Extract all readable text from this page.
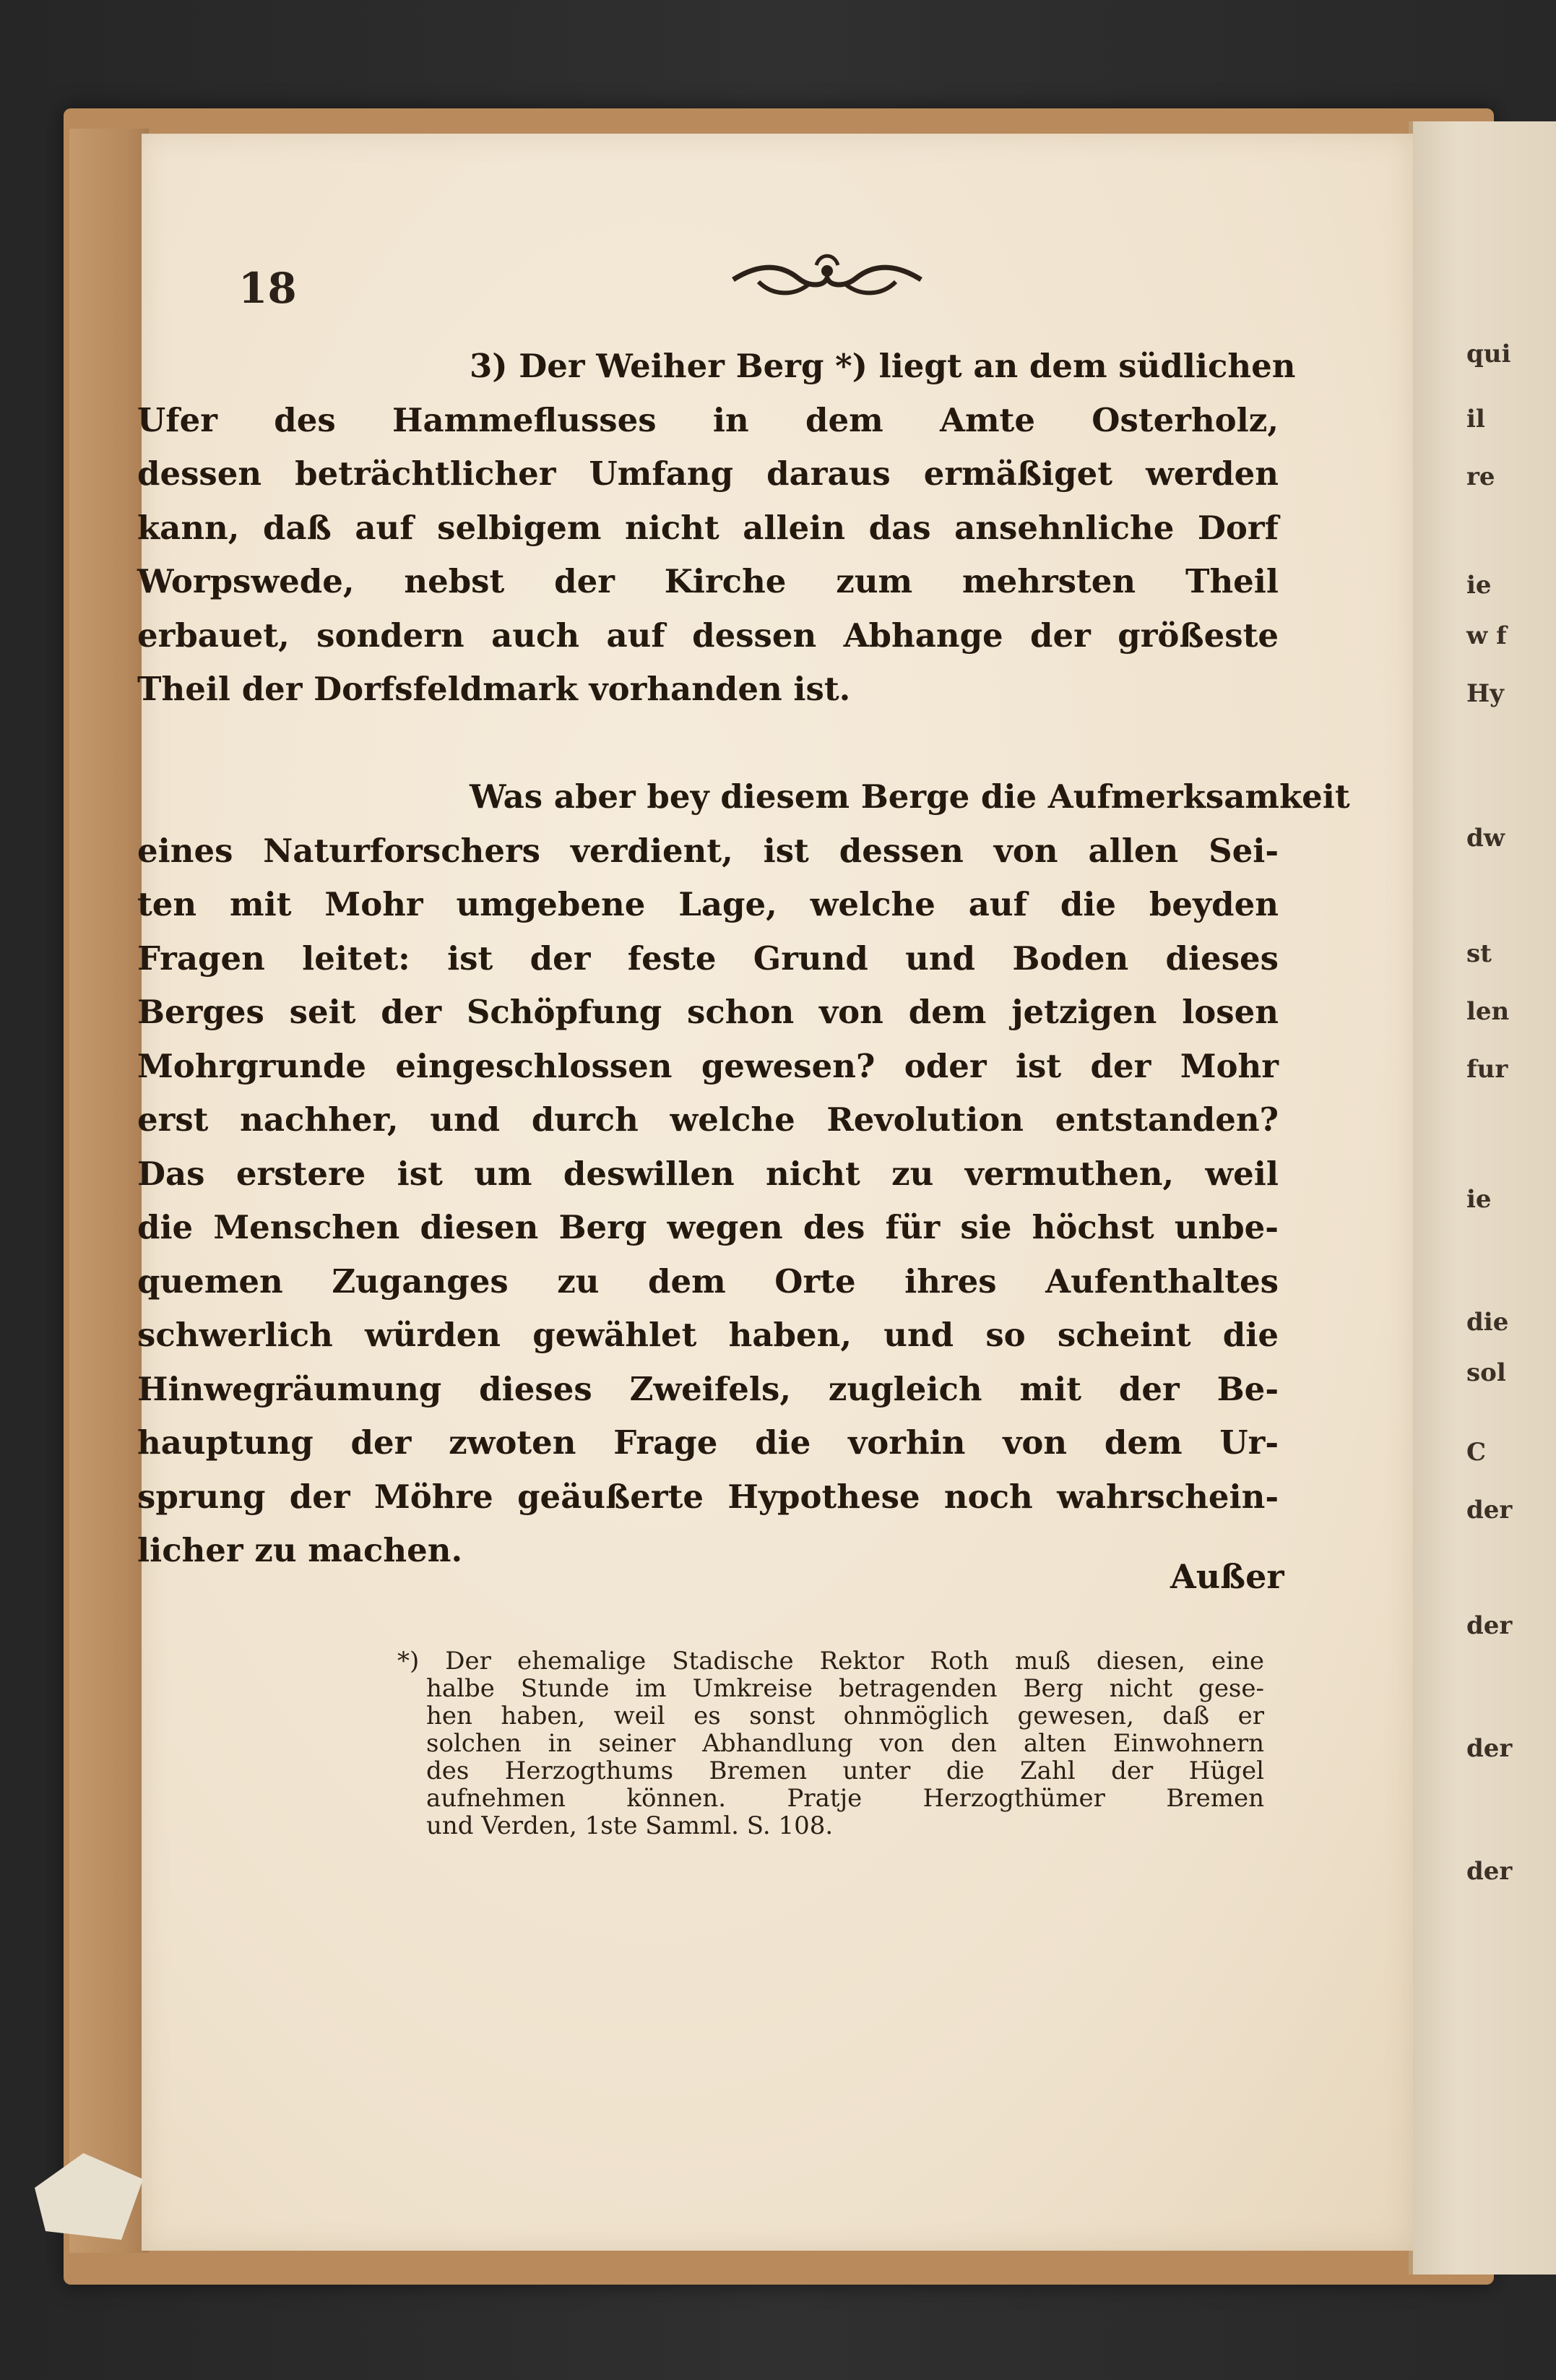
qui
il
re
ie
w f
Hy
dw
st
len
fur
ie
die
sol
C
der
der
der
der
18
3) Der Weiher Berg *) liegt an dem südlichen
Ufer des Hammeflusses in dem Amte Osterholz,
dessen beträchtlicher Umfang daraus ermäßiget werden
kann, daß auf selbigem nicht allein das ansehnliche Dorf
Worpswede, nebst der Kirche zum mehrsten Theil
erbauet, sondern auch auf dessen Abhange der größeste
Theil der Dorfsfeldmark vorhanden ist.
Was aber bey diesem Berge die Aufmerksamkeit
eines Naturforschers verdient, ist dessen von allen Sei-
ten mit Mohr umgebene Lage, welche auf die beyden
Fragen leitet: ist der feste Grund und Boden dieses
Berges seit der Schöpfung schon von dem jetzigen losen
Mohrgrunde eingeschlossen gewesen? oder ist der Mohr
erst nachher, und durch welche Revolution entstanden?
Das erstere ist um deswillen nicht zu vermuthen, weil
die Menschen diesen Berg wegen des für sie höchst unbe-
quemen Zuganges zu dem Orte ihres Aufenthaltes
schwerlich würden gewählet haben, und so scheint die
Hinwegräumung dieses Zweifels, zugleich mit der Be-
hauptung der zwoten Frage die vorhin von dem Ur-
sprung der Möhre geäußerte Hypothese noch wahrschein-
licher zu machen.
Außer
*) Der ehemalige Stadische Rektor Roth muß diesen, eine
halbe Stunde im Umkreise betragenden Berg nicht gese-
hen haben, weil es sonst ohnmöglich gewesen, daß er
solchen in seiner Abhandlung von den alten Einwohnern
des Herzogthums Bremen unter die Zahl der Hügel
aufnehmen können. Pratje Herzogthümer Bremen
und Verden, 1ste Samml. S. 108.
